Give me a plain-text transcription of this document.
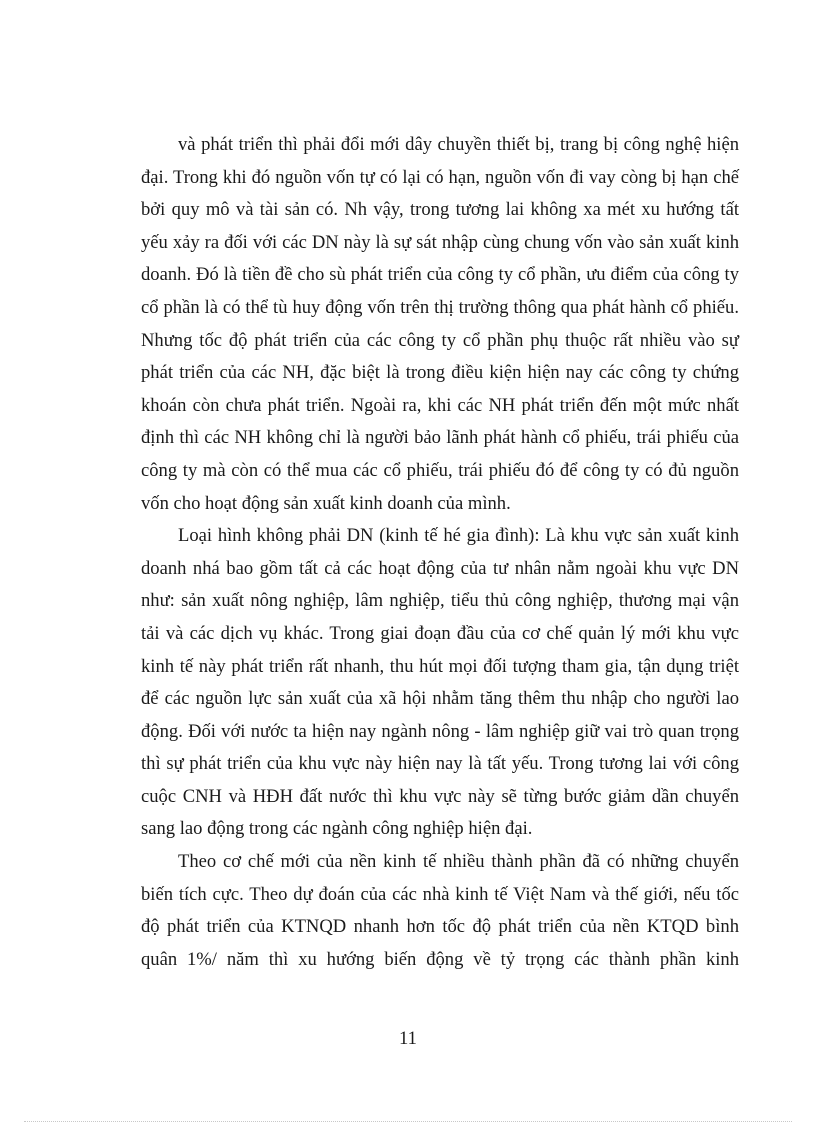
và phát triển thì phải đổi mới dây chuyền thiết bị, trang bị công nghệ hiện đại. Trong khi đó nguồn vốn tự có lại có hạn, nguồn vốn đi vay còng bị hạn chế bởi quy mô và tài sản có. Nh vậy, trong tương lai không xa mét xu hướng tất yếu xảy ra đối với các DN này là sự sát nhập cùng chung vốn vào sản xuất kinh doanh. Đó là tiền đề cho sù phát triển của công ty cổ phần, ưu điểm của công ty cổ phần là có thể tù huy động vốn trên thị trường thông qua phát hành cổ phiếu. Nhưng tốc độ phát triển của các công ty cổ phần phụ thuộc rất nhiều vào sự phát triển của các NH, đặc biệt là trong điều kiện hiện nay các công ty chứng khoán còn chưa phát triển. Ngoài ra, khi các NH phát triển đến một mức nhất định thì các NH không chỉ là người bảo lãnh phát hành cổ phiếu, trái phiếu của công ty mà còn có thể mua các cổ phiếu, trái phiếu đó để công ty có đủ nguồn vốn cho hoạt động sản xuất kinh doanh của mình.

Loại hình không phải DN (kinh tế hé gia đình): Là khu vực sản xuất kinh doanh nhá bao gồm tất cả các hoạt động của tư nhân nằm ngoài khu vực DN như: sản xuất nông nghiệp, lâm nghiệp, tiểu thủ công nghiệp, thương mại vận tải và các dịch vụ khác. Trong giai đoạn đầu của cơ chế quản lý mới khu vực kinh tế này phát triển rất nhanh, thu hút mọi đối tượng tham gia, tận dụng triệt để các nguồn lực sản xuất của xã hội nhằm tăng thêm thu nhập cho người lao động. Đối với nước ta hiện nay ngành nông - lâm nghiệp giữ vai trò quan trọng thì sự phát triển của khu vực này hiện nay là tất yếu. Trong tương lai với công cuộc CNH và HĐH đất nước thì khu vực này sẽ từng bước giảm dần chuyển sang lao động trong các ngành công nghiệp hiện đại.

Theo cơ chế mới của nền kinh tế nhiều thành phần đã có những chuyển biến tích cực. Theo dự đoán của các nhà kinh tế Việt Nam và thế giới, nếu tốc độ phát triển của KTNQD nhanh hơn tốc độ phát triển của nền KTQD bình quân 1%/ năm thì xu hướng biến động về tỷ trọng các thành phần kinh

11
